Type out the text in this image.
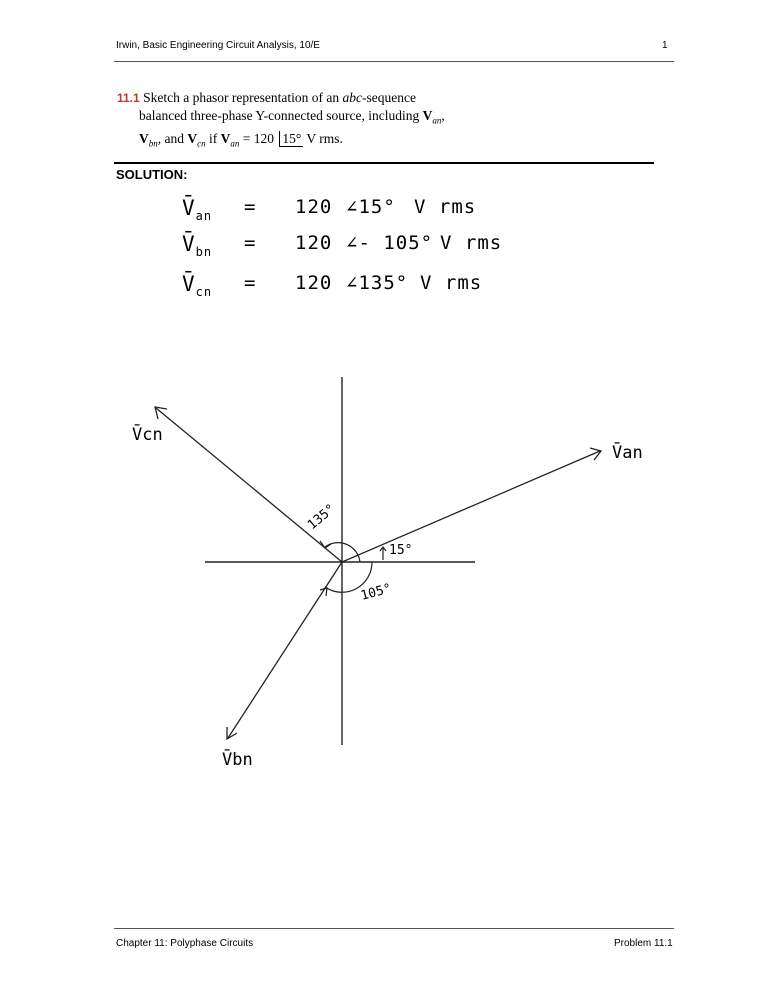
Irwin, Basic Engineering Circuit Analysis, 10/E	1
11.1 Sketch a phasor representation of an abc-sequence
balanced three-phase Y-connected source, including $V_{an}$,
$V_{bn}$, and $V_{cn}$ if $V_{an} = 120$ 15° V rms.
SOLUTION:
$V̄_{an} = 120$ ∠15° V rms
$V̄_{bn} = 120$ ∠- 105° V rms
$V̄_{cn} = 120$ ∠135° V rms
V̄an
V̄bn
V̄cn
135°
15°
105°
Chapter 11: Polyphase Circuits	Problem 11.1
